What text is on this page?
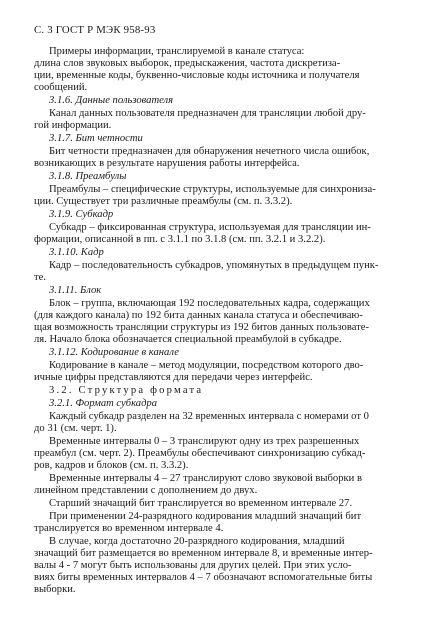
С. 3 ГОСТ Р МЭК 958-93
Примеры информации, транслируемой в канале статуса:
длина слов звуковых выборок, предыскажения, частота дискретиза-
ции, временные коды, буквенно-числовые коды источника и получателя
сообщений.
3.1.6. Данные пользователя
Канал данных пользователя предназначен для трансляции любой дру-
гой информации.
3.1.7. Бит четности
Бит четности предназначен для обнаружения нечетного числа ошибок,
возникающих в результате нарушения работы интерфейса.
3.1.8. Преамбулы
Преамбулы – специфические структуры, используемые для синхрониза-
ции. Существует три различные преамбулы (см. п. 3.3.2).
3.1.9. Субкадр
Субкадр – фиксированная структура, используемая для трансляции ин-
формации, описанной в пп. с 3.1.1 по 3.1.8 (см. пп. 3.2.1 и 3.2.2).
3.1.10. Кадр
Кадр – последовательность субкадров, упомянутых в предыдущем пунк-
те.
3.1.11. Блок
Блок – группа, включающая 192 последовательных кадра, содержащих
(для каждого канала) по 192 бита данных канала статуса и обеспечиваю-
щая возможность трансляции структуры из 192 битов данных пользовате-
ля. Начало блока обозначается специальной преамбулой в субкадре.
3.1.12. Кодирование в канале
Кодирование в канале – метод модуляции, посредством которого дво-
ичные цифры представляются для передачи через интерфейс.
3.2. Структура формата
3.2.1. Формат субкадра
Каждый субкадр разделен на 32 временных интервала с номерами от 0
до 31 (см. черт. 1).
Временные интервалы 0 – 3 транслируют одну из трех разрешенных
преамбул (см. черт. 2). Преамбулы обеспечивают синхронизацию субкад-
ров, кадров и блоков (см. п. 3.3.2).
Временные интервалы 4 – 27 транслируют слово звуковой выборки в
линейном представлении с дополнением до двух.
Старший значащий бит транслируется во временном интервале 27.
При применении 24-разрядного кодирования младший значащий бит
транслируется во временном интервале 4.
В случае, когда достаточно 20-разрядного кодирования, младший
значащий бит размещается во временном интервале 8, и временные интер-
валы 4 - 7 могут быть использованы для других целей. При этих усло-
виях биты временных интервалов 4 – 7 обозначают вспомогательные биты
выборки.
